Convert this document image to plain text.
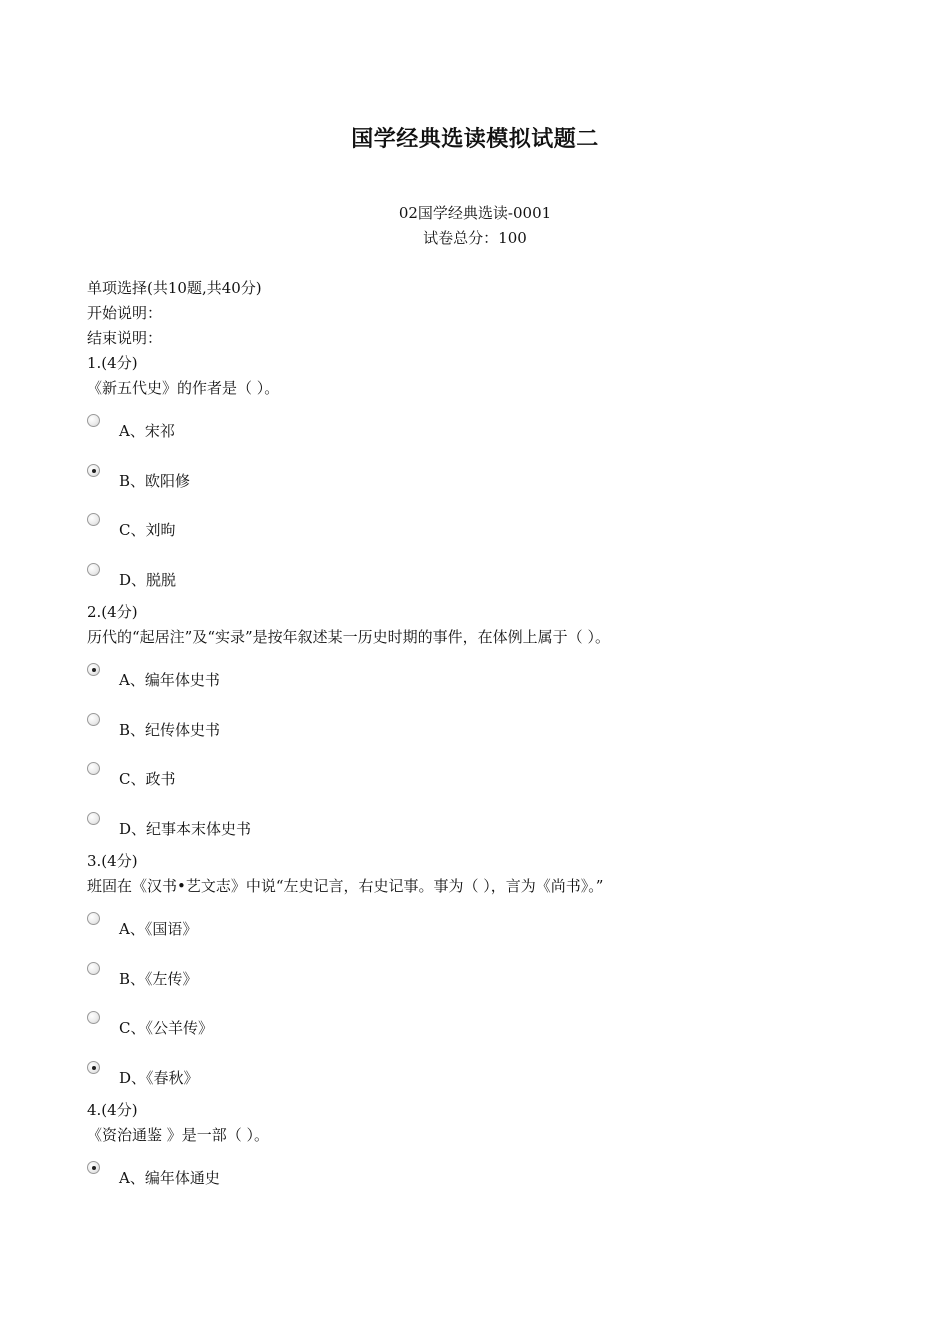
国学经典选读模拟试题二
02国学经典选读-0001
试卷总分：100
单项选择(共10题,共40分)
开始说明：
结束说明：
1.(4分)
《新五代史》的作者是（ ）。
A、宋祁
B、欧阳修
C、刘昫
D、脱脱
2.(4分)
历代的“起居注”及“实录”是按年叙述某一历史时期的事件，在体例上属于（ ）。
A、编年体史书
B、纪传体史书
C、政书
D、纪事本末体史书
3.(4分)
班固在《汉书•艺文志》中说“左史记言，右史记事。事为（ ），言为《尚书》。”
A、《国语》
B、《左传》
C、《公羊传》
D、《春秋》
4.(4分)
《资治通鉴 》是一部（ ）。
A、编年体通史
